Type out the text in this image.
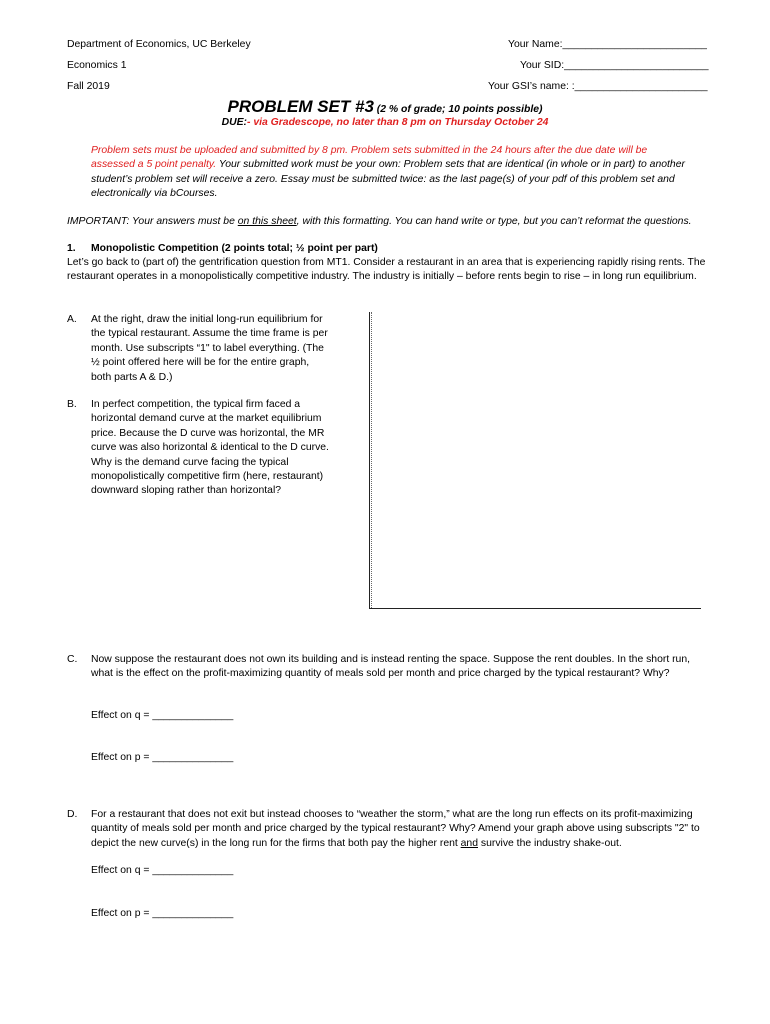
Department of Economics, UC Berkeley
Economics 1
Fall 2019
Your Name:_________________________
Your SID:_________________________
Your GSI’s name: :_______________________
PROBLEM SET #3 (2 % of grade; 10 points possible)
DUE:- via Gradescope, no later than 8 pm on Thursday October 24
Problem sets must be uploaded and submitted by 8 pm. Problem sets submitted in the 24 hours after the due date will be assessed a 5 point penalty. Your submitted work must be your own: Problem sets that are identical (in whole or in part) to another student’s problem set will receive a zero. Essay must be submitted twice: as the last page(s) of your pdf of this problem set and electronically via bCourses.
IMPORTANT: Your answers must be on this sheet, with this formatting. You can hand write or type, but you can’t reformat the questions.
1. Monopolistic Competition (2 points total; ½ point per part)
Let’s go back to (part of) the gentrification question from MT1. Consider a restaurant in an area that is experiencing rapidly rising rents. The restaurant operates in a monopolistically competitive industry. The industry is initially – before rents begin to rise – in long run equilibrium.
A. At the right, draw the initial long-run equilibrium for the typical restaurant. Assume the time frame is per month. Use subscripts “1" to label everything. (The ½ point offered here will be for the entire graph, both parts A & D.)
B. In perfect competition, the typical firm faced a horizontal demand curve at the market equilibrium price. Because the D curve was horizontal, the MR curve was also horizontal & identical to the D curve. Why is the demand curve facing the typical monopolistically competitive firm (here, restaurant) downward sloping rather than horizontal?
C. Now suppose the restaurant does not own its building and is instead renting the space. Suppose the rent doubles. In the short run, what is the effect on the profit-maximizing quantity of meals sold per month and price charged by the typical restaurant? Why?
Effect on q = ______________
Effect on p = ______________
D. For a restaurant that does not exit but instead chooses to “weather the storm,” what are the long run effects on its profit-maximizing quantity of meals sold per month and price charged by the typical restaurant? Why? Amend your graph above using subscripts "2" to depict the new curve(s) in the long run for the firms that both pay the higher rent and survive the industry shake-out.
Effect on q = ______________
Effect on p = ______________
